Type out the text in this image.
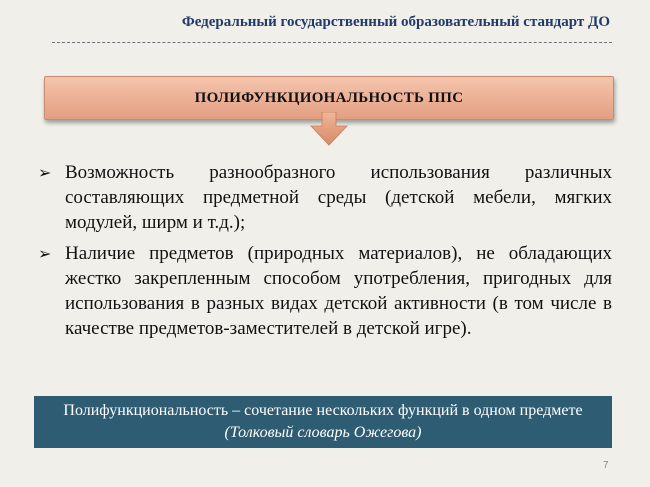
Федеральный государственный образовательный стандарт ДО
ПОЛИФУНКЦИОНАЛЬНОСТЬ ППС
➢ Возможность разнообразного использования различных составляющих предметной среды (детской мебели, мягких модулей, ширм и т.д.);
➢ Наличие предметов (природных материалов), не обладающих жестко закрепленным способом употребления, пригодных для использования в разных видах детской активности (в том числе в качестве предметов-заместителей в детской игре).
Полифункциональность – сочетание нескольких функций в одном предмете (Толковый словарь Ожегова)
7
